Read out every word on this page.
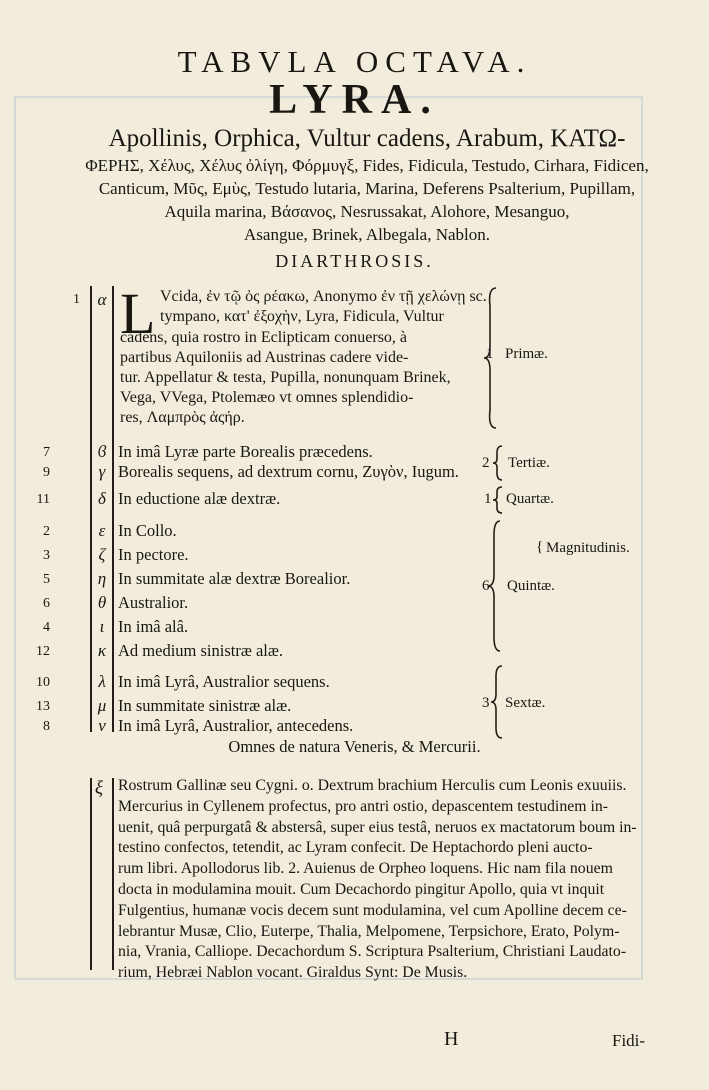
TABVLA OCTAVA.
LYRA.
Apollinis, Orphica, Vultur cadens, Arabum, ΚΑΤΩ-
ΦΕΡΗΣ, Χέλυς, Χέλυς ὀλίγη, Φόρμυγξ, Fides, Fidicula, Testudo, Cirhara, Fidicen,
Canticum, Μῦς, Εμὺς, Testudo lutaria, Marina, Deferens Psalterium, Pupillam,
Aquila marina, Βάσανος, Nesrussakat, Alohore, Mesanguo,
Asangue, Brinek, Albegala, Nablon.
DIARTHROSIS.
1	α L Vcida, ἐν τῷ ὀς ρέακω, Anonymo ἐν τῇ χελώνῃ sc.
tympano, κατ' ἐξοχὴν, Lyra, Fidicula, Vultur
cadens, quia rostro in Eclipticam conuerso, à
partibus Aquiloniis ad Austrinas cadere vide-
tur. Appellatur & testa, Pupilla, nonunquam Brinek,
Vega, VVega, Ptolemæo vt omnes splendidio-
res, Λαμπρὸς ἀςήρ.
7	ϐ In imâ Lyræ parte Borealis præcedens.
9	γ Borealis sequens, ad dextrum cornu, Ζυγὸν, Iugum.
11	δ In eductione alæ dextræ.
2	ε In Collo.
3	ζ In pectore.
5	η In summitate alæ dextræ Borealior.
6	θ Australior.
4	ι In imâ alâ.
12	κ Ad medium sinistræ alæ.
10	λ In imâ Lyrâ, Australior sequens.
13	μ In summitate sinistræ alæ.
8	ν In imâ Lyrâ, Australior, antecedens.
1 Primæ.
2 Tertiæ.
1 Quartæ.
6 Quintæ.
{ Magnitudinis.
3 Sextæ.
Omnes de natura Veneris, & Mercurii.
ξ Rostrum Gallinæ seu Cygni. o. Dextrum brachium Herculis cum Leonis exuuiis.
Mercurius in Cyllenem profectus, pro antri ostio, depascentem testudinem in-
uenit, quâ perpurgatâ & abstersâ, super eius testâ, neruos ex mactatorum boum in-
testino confectos, tetendit, ac Lyram confecit. De Heptachordo pleni aucto-
rum libri. Apollodorus lib. 2. Auienus de Orpheo loquens. Hic nam fila nouem
docta in modulamina mouit. Cum Decachordo pingitur Apollo, quia vt inquit
Fulgentius, humanæ vocis decem sunt modulamina, vel cum Apolline decem ce-
lebrantur Musæ, Clio, Euterpe, Thalia, Melpomene, Terpsichore, Erato, Polym-
nia, Vrania, Calliope. Decachordum S. Scriptura Psalterium, Christiani Laudato-
rium, Hebræi Nablon vocant. Giraldus Synt: De Musis.
H	Fidi-
